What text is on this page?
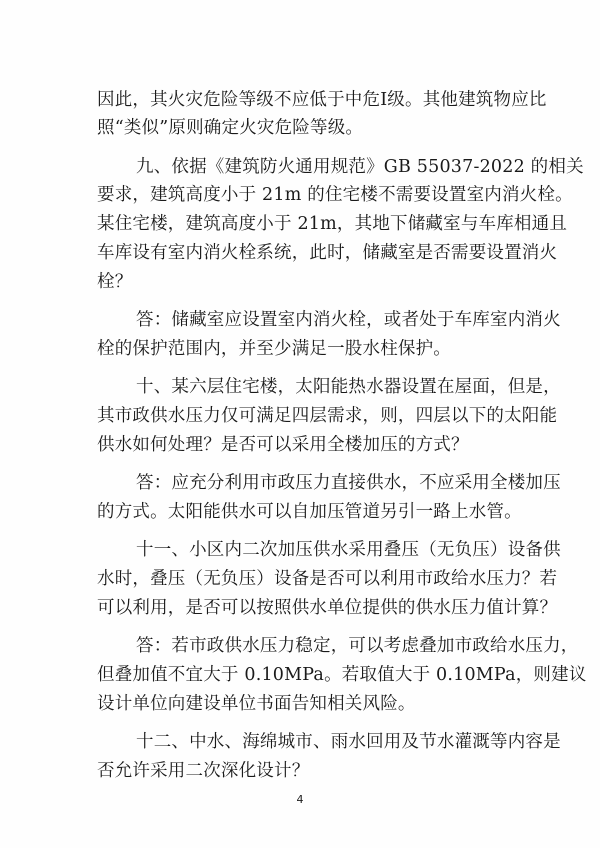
因此，其火灾危险等级不应低于中危Ⅰ级。其他建筑物应比
照“类似”原则确定火灾危险等级。
九、依据《建筑防火通用规范》GB 55037-2022 的相关
要求，建筑高度小于 21m 的住宅楼不需要设置室内消火栓。
某住宅楼，建筑高度小于 21m，其地下储藏室与车库相通且
车库设有室内消火栓系统，此时，储藏室是否需要设置消火
栓？
答：储藏室应设置室内消火栓，或者处于车库室内消火
栓的保护范围内，并至少满足一股水柱保护。
十、某六层住宅楼，太阳能热水器设置在屋面，但是，
其市政供水压力仅可满足四层需求，则，四层以下的太阳能
供水如何处理？是否可以采用全楼加压的方式？
答：应充分利用市政压力直接供水，不应采用全楼加压
的方式。太阳能供水可以自加压管道另引一路上水管。
十一、小区内二次加压供水采用叠压（无负压）设备供
水时，叠压（无负压）设备是否可以利用市政给水压力？若
可以利用，是否可以按照供水单位提供的供水压力值计算？
答：若市政供水压力稳定，可以考虑叠加市政给水压力，
但叠加值不宜大于 0.10MPa。若取值大于 0.10MPa，则建议
设计单位向建设单位书面告知相关风险。
十二、中水、海绵城市、雨水回用及节水灌溉等内容是
否允许采用二次深化设计？
4
